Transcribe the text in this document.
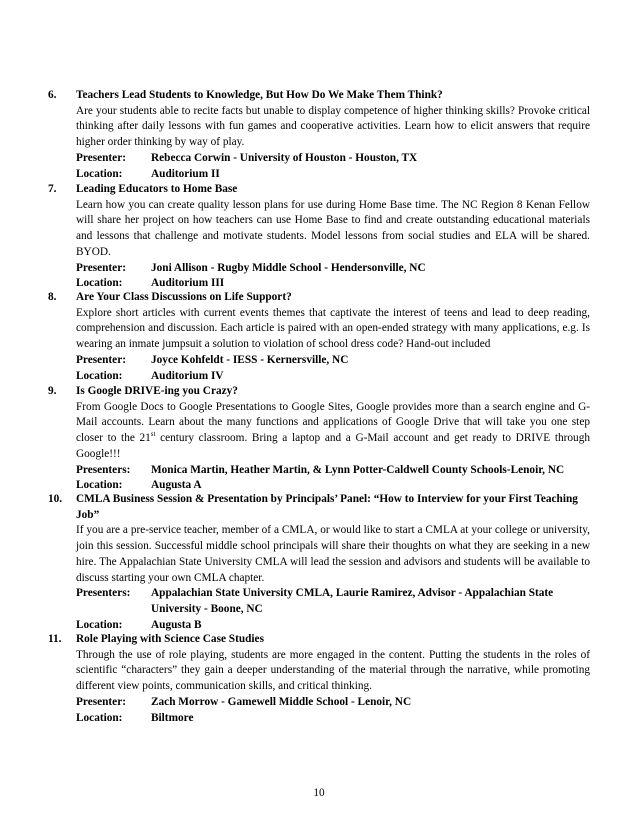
6. Teachers Lead Students to Knowledge, But How Do We Make Them Think?
Are your students able to recite facts but unable to display competence of higher thinking skills? Provoke critical thinking after daily lessons with fun games and cooperative activities. Learn how to elicit answers that require higher order thinking by way of play.
Presenter:	Rebecca Corwin - University of Houston - Houston, TX
Location:	Auditorium II
7. Leading Educators to Home Base
Learn how you can create quality lesson plans for use during Home Base time. The NC Region 8 Kenan Fellow will share her project on how teachers can use Home Base to find and create outstanding educational materials and lessons that challenge and motivate students. Model lessons from social studies and ELA will be shared. BYOD.
Presenter:	Joni Allison - Rugby Middle School - Hendersonville, NC
Location:	Auditorium III
8. Are Your Class Discussions on Life Support?
Explore short articles with current events themes that captivate the interest of teens and lead to deep reading, comprehension and discussion. Each article is paired with an open-ended strategy with many applications, e.g. Is wearing an inmate jumpsuit a solution to violation of school dress code? Hand-out included
Presenter:	Joyce Kohfeldt - IESS - Kernersville, NC
Location:	Auditorium IV
9. Is Google DRIVE-ing you Crazy?
From Google Docs to Google Presentations to Google Sites, Google provides more than a search engine and G-Mail accounts. Learn about the many functions and applications of Google Drive that will take you one step closer to the 21st century classroom. Bring a laptop and a G-Mail account and get ready to DRIVE through Google!!!
Presenters:	Monica Martin, Heather Martin, & Lynn Potter-Caldwell County Schools-Lenoir, NC
Location:	Augusta A
10. CMLA Business Session & Presentation by Principals’ Panel: “How to Interview for your First Teaching Job”
If you are a pre-service teacher, member of a CMLA, or would like to start a CMLA at your college or university, join this session. Successful middle school principals will share their thoughts on what they are seeking in a new hire. The Appalachian State University CMLA will lead the session and advisors and students will be available to discuss starting your own CMLA chapter.
Presenters:	Appalachian State University CMLA, Laurie Ramirez, Advisor - Appalachian State University - Boone, NC
Location:	Augusta B
11. Role Playing with Science Case Studies
Through the use of role playing, students are more engaged in the content. Putting the students in the roles of scientific “characters” they gain a deeper understanding of the material through the narrative, while promoting different view points, communication skills, and critical thinking.
Presenter:	Zach Morrow - Gamewell Middle School - Lenoir, NC
Location:	Biltmore
10
